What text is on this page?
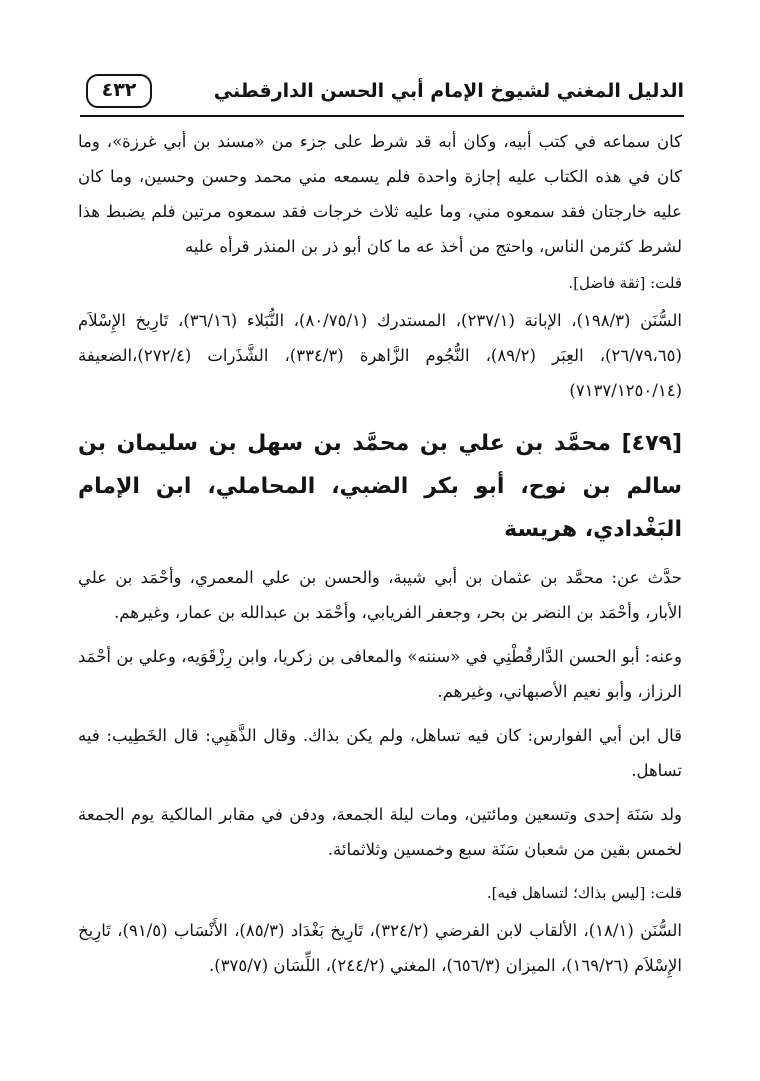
الدليل المغني لشيوخ الإمام أبي الحسن الدارقطني
٤٣٢

كان سماعه في كتب أبيه، وكان أبه قد شرط على جزء من «مسند بن أبي غرزة»، وما كان في هذه الكتاب عليه إجازة واحدة فلم يسمعه مني محمد وحسن وحسين، وما كان عليه خارجتان فقد سمعوه مني، وما عليه ثلاث خرجات فقد سمعوه مرتين فلم يضبط هذا لشرط كثرمن الناس، واحتج من أخذ عه ما كان أبو ذر بن المنذر قرأه عليه

قلت: [ثقة فاضل].

السُّنَن (١٩٨/٣)، الإبانة (٢٣٧/١)، المستدرك (٨٠/٧٥/١)، النُّبَلاء (٣٦/١٦)، تَارِيخ الإِسْلاَم (٢٦/٧٩،٦٥)، العِبَر (٨٩/٢)، النُّجُوم الزَّاهرة (٣٣٤/٣)، الشَّذَرات (٢٧٢/٤)،الضعيفة (٧١٣٧/١٢٥٠/١٤)

[٤٧٩] محمَّد بن علي بن محمَّد بن سهل بن سليمان بن سالم بن نوح، أبو بكر الضبي، المحاملي، ابن الإمام البَغْدادي، هريسة

حدَّث عن: محمَّد بن عثمان بن أبي شيبة، والحسن بن علي المعمري، وأحْمَد بن علي الأبار، وأحْمَد بن النضر بن بحر، وجعفر الفريابي، وأحْمَد بن عبدالله بن عمار، وغيرهم.

وعنه: أبو الحسن الدَّارقُطْنِي في «سننه» والمعافى بن زكريا، وابن رِزْقَوَيه، وعلي بن أحْمَد الرزاز، وأبو نعيم الأصبهاني، وغيرهم.

قال ابن أبي الفوارس: كان فيه تساهل، ولم يكن بذاك. وقال الذَّهَبِي: قال الخَطِيب: فيه تساهل.

ولد سَنَة إحدى وتسعين ومائتين، ومات ليلة الجمعة، ودفن في مقابر المالكية يوم الجمعة لخمس بقين من شعبان سَنَة سبع وخمسين وثلاثمائة.

قلت: [ليس بذاك؛ لتساهل فيه].

السُّنَن (١٨/١)، الألقاب لابن الفرضي (٣٢٤/٢)، تَارِيخ بَغْدَاد (٨٥/٣)، الأَنْسَاب (٩١/٥)، تَارِيخ الإِسْلاَم (١٦٩/٢٦)، الميزان (٦٥٦/٣)، المغني (٢٤٤/٢)، اللِّسَان (٣٧٥/٧).
